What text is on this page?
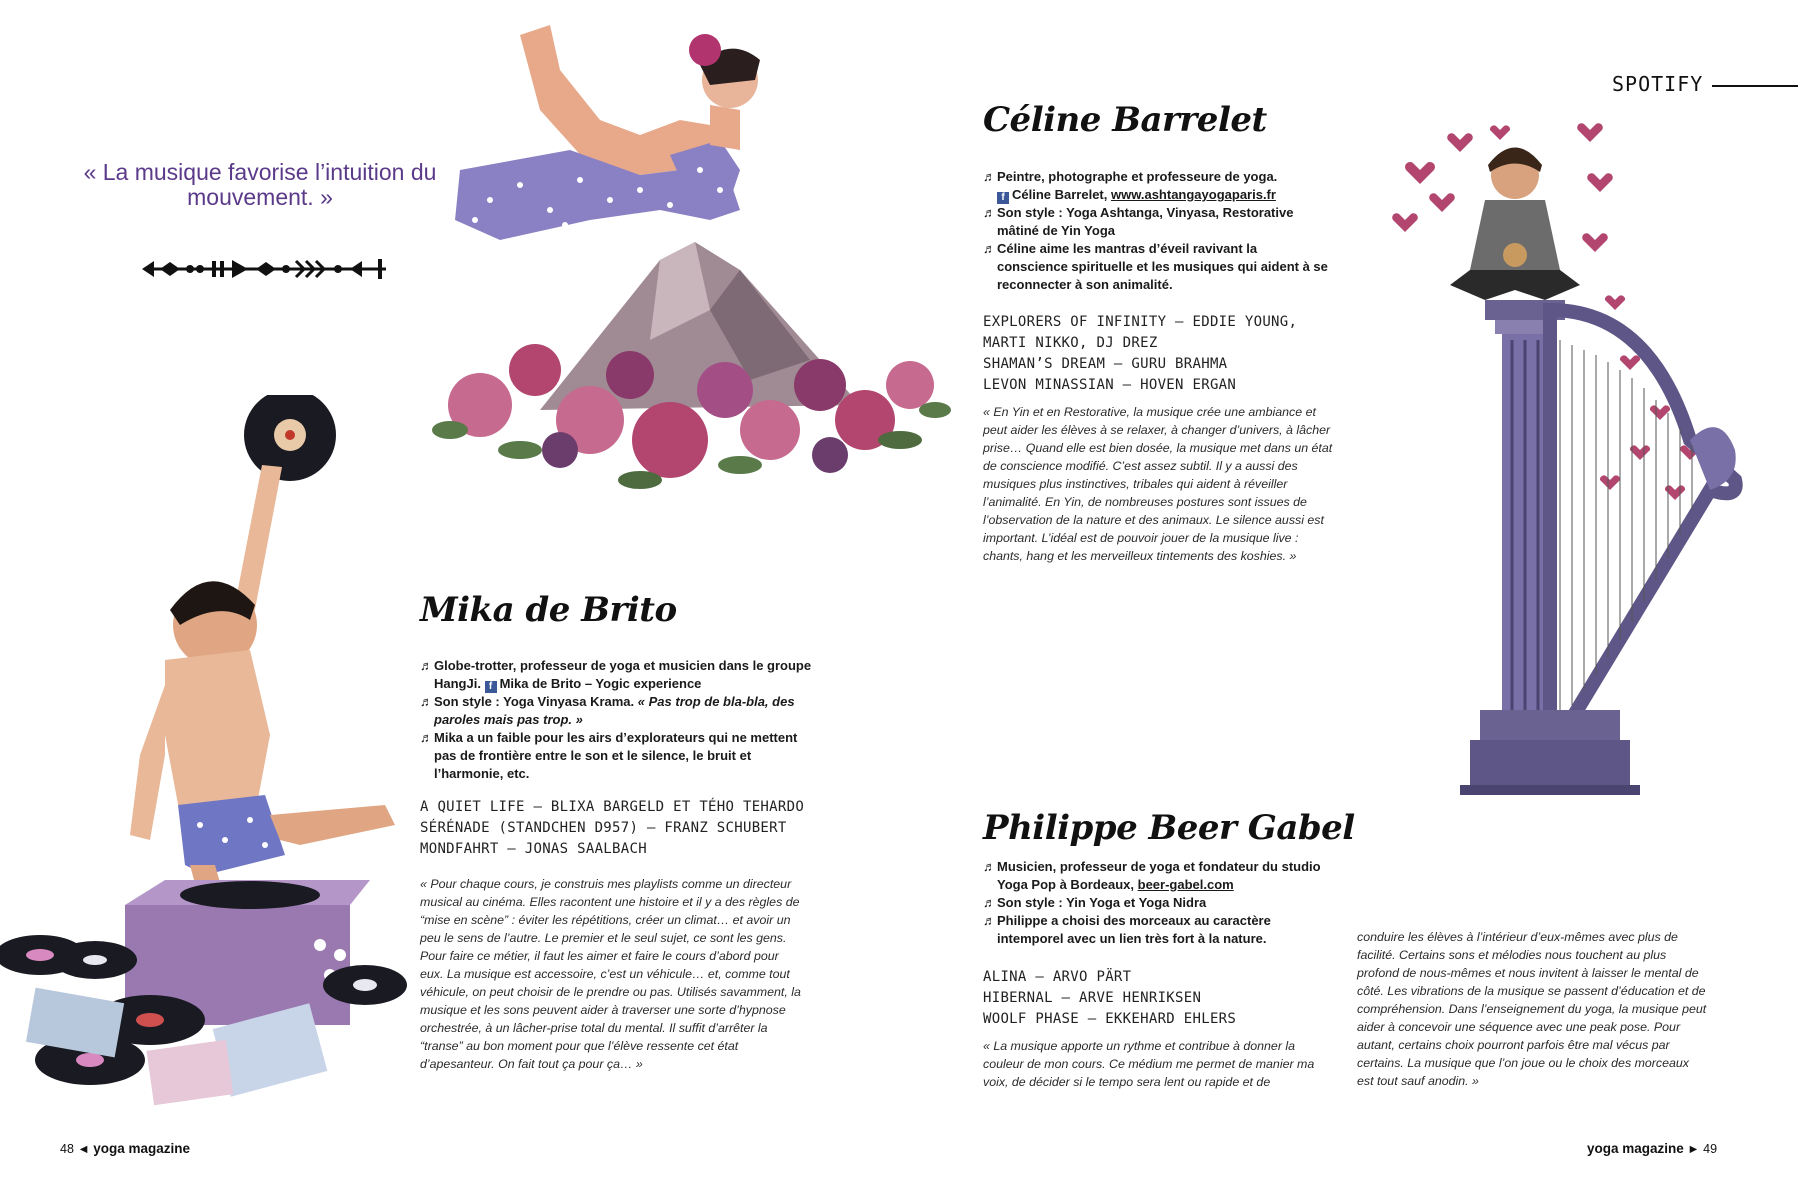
SPOTIFY
« La musique favorise l’intuition du mouvement. »
Céline Barrelet
♬ Peintre, photographe et professeure de yoga.
f Céline Barrelet, www.ashtangayogaparis.fr
♬ Son style : Yoga Ashtanga, Vinyasa, Restorative mâtiné de Yin Yoga
♬ Céline aime les mantras d’éveil ravivant la conscience spirituelle et les musiques qui aident à se reconnecter à son animalité.
EXPLORERS OF INFINITY – EDDIE YOUNG,
MARTI NIKKO, DJ DREZ
SHAMAN’S DREAM – GURU BRAHMA
LEVON MINASSIAN – HOVEN ERGAN
« En Yin et en Restorative, la musique crée une ambiance et peut aider les élèves à se relaxer, à changer d’univers, à lâcher prise… Quand elle est bien dosée, la musique met dans un état de conscience modifié. C’est assez subtil. Il y a aussi des musiques plus instinctives, tribales qui aident à réveiller l’animalité. En Yin, de nombreuses postures sont issues de l’observation de la nature et des animaux. Le silence aussi est important. L’idéal est de pouvoir jouer de la musique live : chants, hang et les merveilleux tintements des koshies. »
Mika de Brito
♬ Globe-trotter, professeur de yoga et musicien dans le groupe HangJi. f Mika de Brito – Yogic experience
♬ Son style : Yoga Vinyasa Krama. « Pas trop de bla-bla, des paroles mais pas trop. »
♬ Mika a un faible pour les airs d’explorateurs qui ne mettent pas de frontière entre le son et le silence, le bruit et l’harmonie, etc.
A QUIET LIFE – BLIXA BARGELD ET TÉHO TEHARDO
SÉRÉNADE (STANDCHEN D957) – FRANZ SCHUBERT
MONDFAHRT – JONAS SAALBACH
« Pour chaque cours, je construis mes playlists comme un directeur musical au cinéma. Elles racontent une histoire et il y a des règles de “mise en scène” : éviter les répétitions, créer un climat… et avoir un peu le sens de l’autre. Le premier et le seul sujet, ce sont les gens. Pour faire ce métier, il faut les aimer et faire le cours d’abord pour eux. La musique est accessoire, c’est un véhicule… et, comme tout véhicule, on peut choisir de le prendre ou pas. Utilisés savamment, la musique et les sons peuvent aider à traverser une sorte d’hypnose orchestrée, à un lâcher-prise total du mental. Il suffit d’arrêter la “transe” au bon moment pour que l’élève ressente cet état d’apesanteur. On fait tout ça pour ça… »
Philippe Beer Gabel
♬ Musicien, professeur de yoga et fondateur du studio Yoga Pop à Bordeaux, beer-gabel.com
♬ Son style : Yin Yoga et Yoga Nidra
♬ Philippe a choisi des morceaux au caractère intemporel avec un lien très fort à la nature.
ALINA – ARVO PÄRT
HIBERNAL – ARVE HENRIKSEN
WOOLF PHASE – EKKEHARD EHLERS
« La musique apporte un rythme et contribue à donner la couleur de mon cours. Ce médium me permet de manier ma voix, de décider si le tempo sera lent ou rapide et de
conduire les élèves à l’intérieur d’eux-mêmes avec plus de facilité. Certains sons et mélodies nous touchent au plus profond de nous-mêmes et nous invitent à laisser le mental de côté. Les vibrations de la musique se passent d’éducation et de compréhension. Dans l’enseignement du yoga, la musique peut aider à concevoir une séquence avec une peak pose. Pour autant, certains choix pourront parfois être mal vécus par certains. La musique que l’on joue ou le choix des morceaux est tout sauf anodin. »
48 ◄ yoga magazine	yoga magazine ► 49
